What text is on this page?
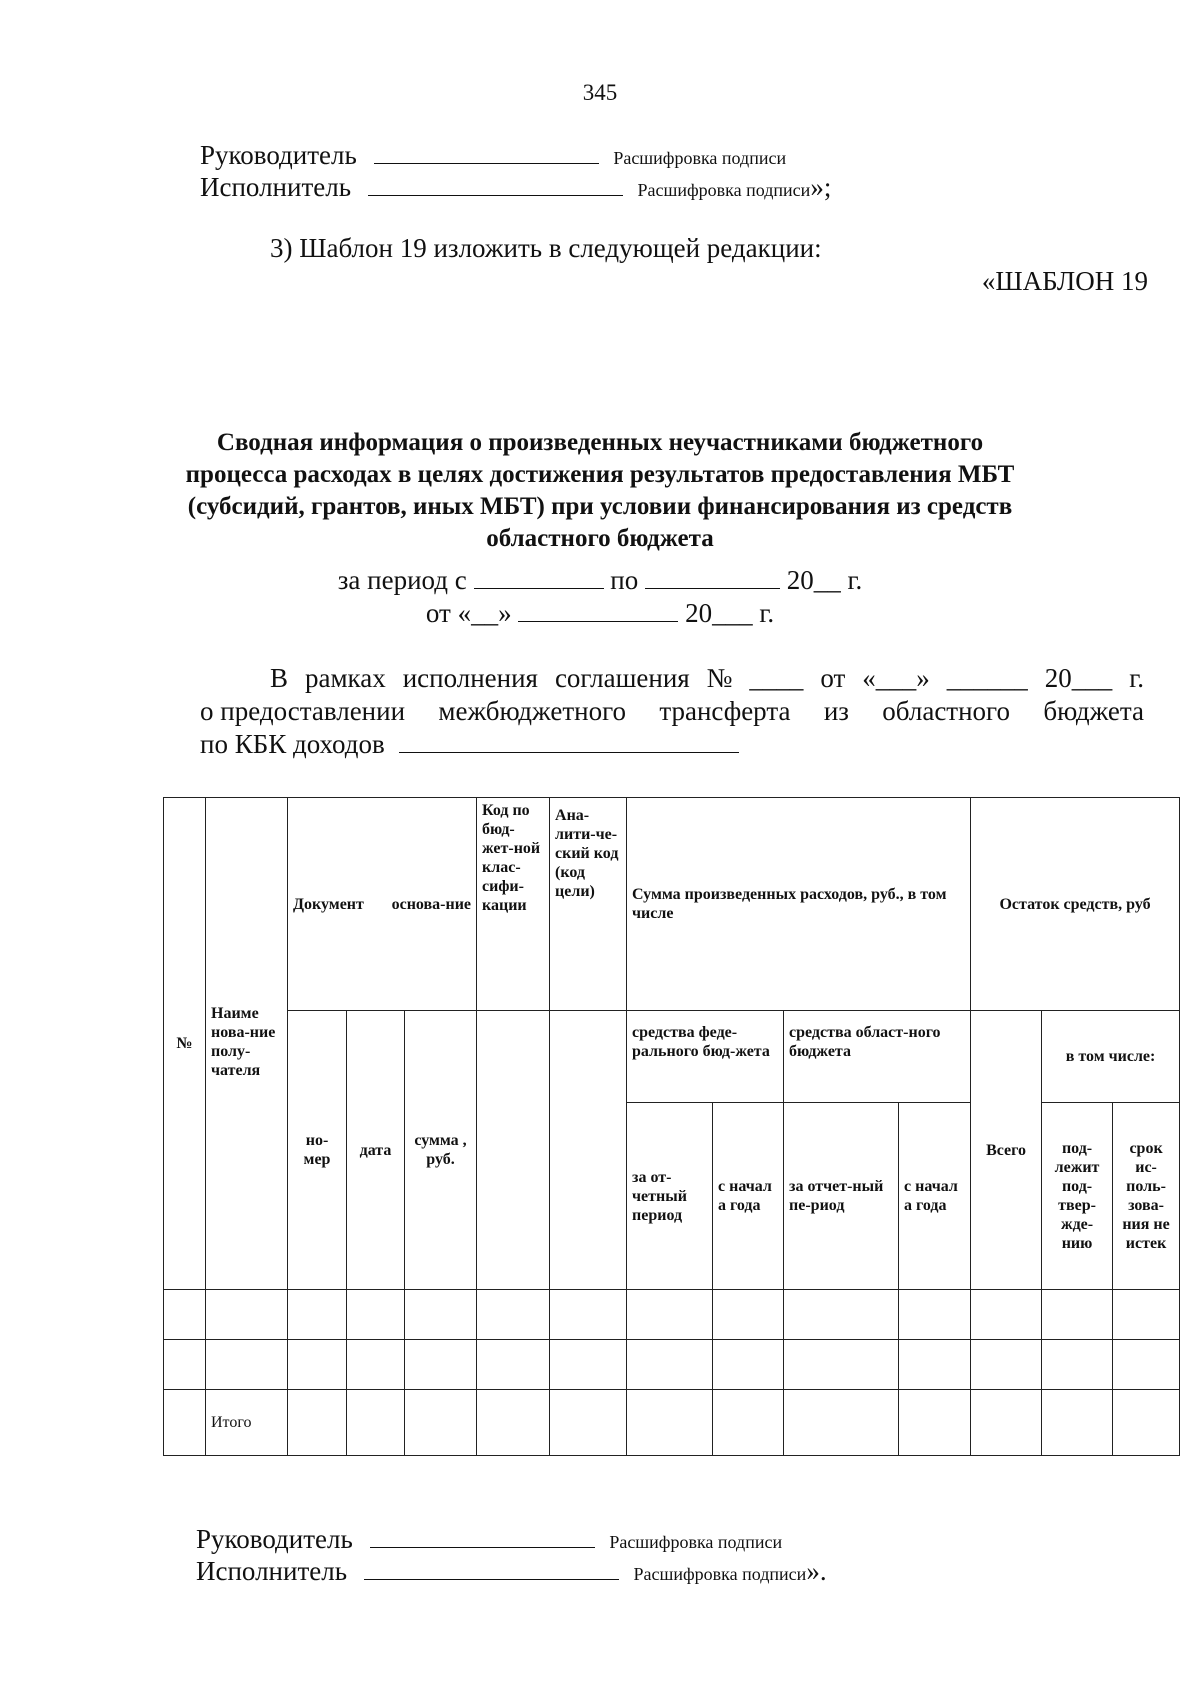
345
Руководитель	Расшифровка подписи
Исполнитель	Расшифровка подписи»;
3) Шаблон 19 изложить в следующей редакции:
«ШАБЛОН 19
Сводная информация о произведенных неучастниками бюджетного
процесса расходах в целях достижения результатов предоставления МБТ
(субсидий, грантов, иных МБТ) при условии финансирования из средств
областного бюджета
за период с	по	20__ г.
от «__»	20___ г.
В рамках исполнения соглашения № ____ от «___» ______ 20___ г.
о предоставлении межбюджетного трансферта из областного бюджета
по КБК доходов
№	Наиме нова-ние полу-чателя	Документ основа-ние			Код по бюд-жет-ной клас-сифи-кации	Ана-лити-че-ский код (код цели)	Сумма произведенных расходов, руб., в том числе				Остаток средств, руб		
		но-мер	дата	сумма , руб.			средства феде-рального бюд-жета		средства област-ного бюджета		Всего	в том числе:	
							за от-четный период	с начал а года	за отчет-ный пе-риод	с начал а года		под-лежит под-твер-жде-нию	срок ис-поль-зова-ния не истек

	Итого												
Руководитель	Расшифровка подписи
Исполнитель	Расшифровка подписи».
